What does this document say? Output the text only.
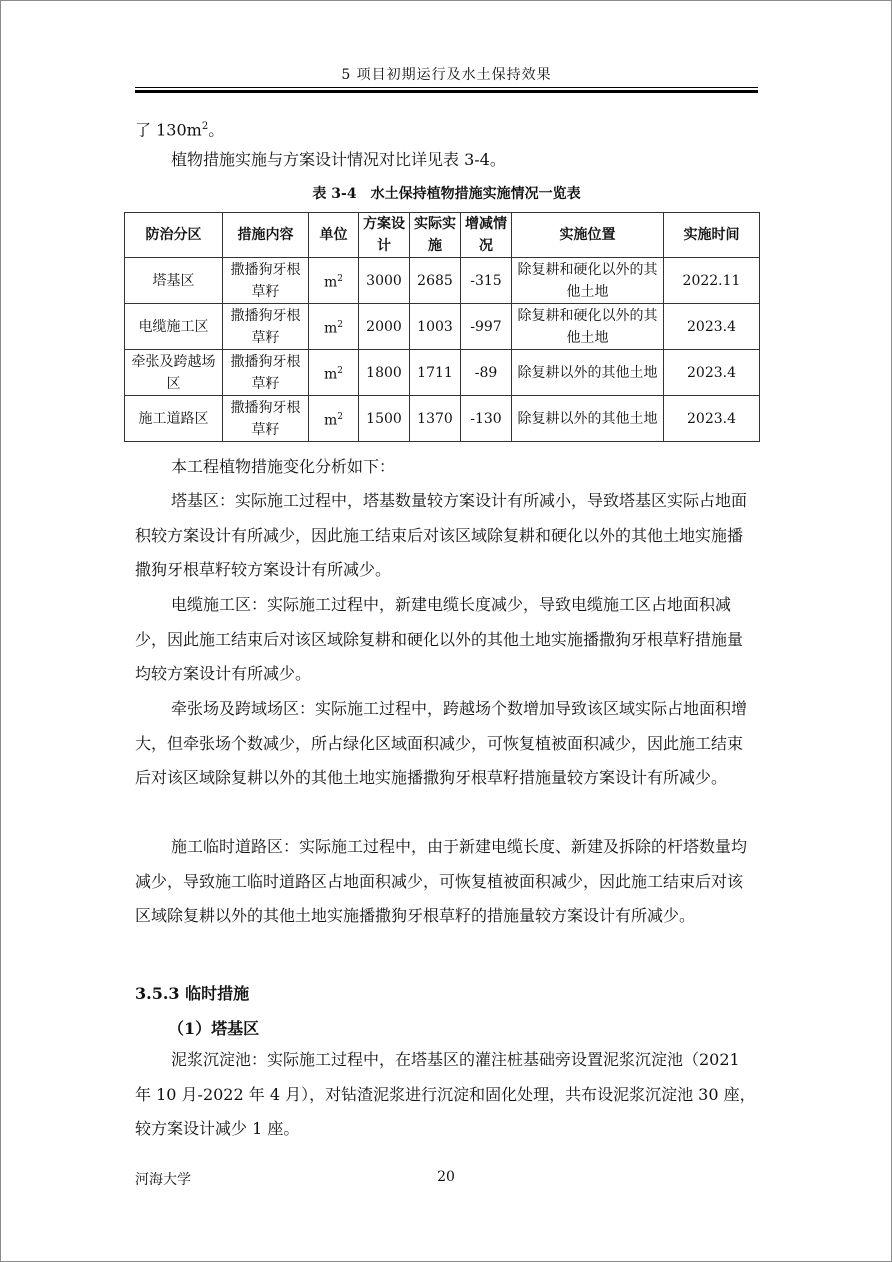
5 项目初期运行及水土保持效果

了 $130m^2$。

植物措施实施与方案设计情况对比详见表 3-4。

表 3-4　水土保持植物措施实施情况一览表
防治分区	措施内容	单位	方案设计	实际实施	增减情况	实施位置	实施时间
塔基区	撒播狗牙根草籽	$m^2$	3000	2685	-315	除复耕和硬化以外的其他土地	2022.11
电缆施工区	撒播狗牙根草籽	$m^2$	2000	1003	-997	除复耕和硬化以外的其他土地	2023.4
牵张及跨越场区	撒播狗牙根草籽	$m^2$	1800	1711	-89	除复耕以外的其他土地	2023.4
施工道路区	撒播狗牙根草籽	$m^2$	1500	1370	-130	除复耕以外的其他土地	2023.4

本工程植物措施变化分析如下：

塔基区：实际施工过程中，塔基数量较方案设计有所减小，导致塔基区实际占地面积较方案设计有所减少，因此施工结束后对该区域除复耕和硬化以外的其他土地实施播撒狗牙根草籽较方案设计有所减少。

电缆施工区：实际施工过程中，新建电缆长度减少，导致电缆施工区占地面积减少，因此施工结束后对该区域除复耕和硬化以外的其他土地实施播撒狗牙根草籽措施量均较方案设计有所减少。

牵张场及跨域场区：实际施工过程中，跨越场个数增加导致该区域实际占地面积增大，但牵张场个数减少，所占绿化区域面积减少，可恢复植被面积减少，因此施工结束后对该区域除复耕以外的其他土地实施播撒狗牙根草籽措施量较方案设计有所减少。

施工临时道路区：实际施工过程中，由于新建电缆长度、新建及拆除的杆塔数量均减少，导致施工临时道路区占地面积减少，可恢复植被面积减少，因此施工结束后对该区域除复耕以外的其他土地实施播撒狗牙根草籽的措施量较方案设计有所减少。

3.5.3 临时措施
（1）塔基区

泥浆沉淀池：实际施工过程中，在塔基区的灌注桩基础旁设置泥浆沉淀池（2021 年 10 月-2022 年 4 月），对钻渣泥浆进行沉淀和固化处理，共布设泥浆沉淀池 30 座，较方案设计减少 1 座。

河海大学	20
